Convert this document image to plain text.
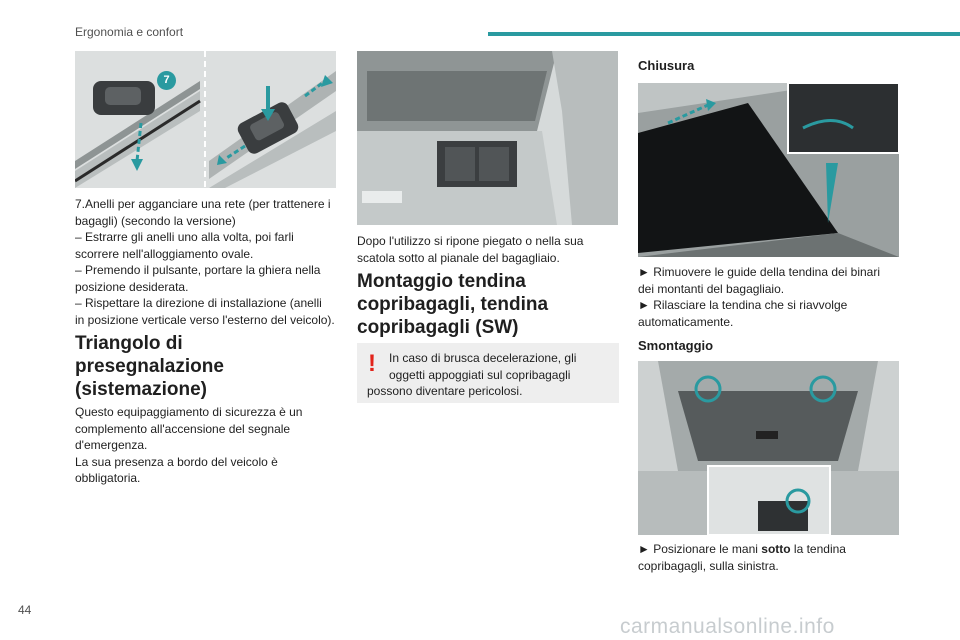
Ergonomia e confort
7

7.Anelli per agganciare una rete (per trattenere i

bagagli) (secondo la versione)

– Estrarre gli anelli uno alla volta, poi farli

scorrere nell'alloggiamento ovale.

– Premendo il pulsante, portare la ghiera nella

posizione desiderata.

– Rispettare la direzione di installazione (anelli

in posizione verticale verso l'esterno del veicolo).

Triangolo di
presegnalazione
(sistemazione)

Questo equipaggiamento di sicurezza è un

complemento all'accensione del segnale

d'emergenza.

La sua presenza a bordo del veicolo è

obbligatoria.

Dopo l'utilizzo si ripone piegato o nella sua

scatola sotto al pianale del bagagliaio.

Montaggio tendina
copribagagli, tendina
copribagagli (SW)
!	In caso di brusca decelerazione, gli

oggetti appoggiati sul copribagagli

possono diventare pericolosi.

Chiusura

► Rimuovere le guide della tendina dei binari

dei montanti del bagagliaio.

► Rilasciare la tendina che si riavvolge

automaticamente.

Smontaggio

► Posizionare le mani sotto la tendina

copribagagli, sulla sinistra.

44
carmanualsonline.info
